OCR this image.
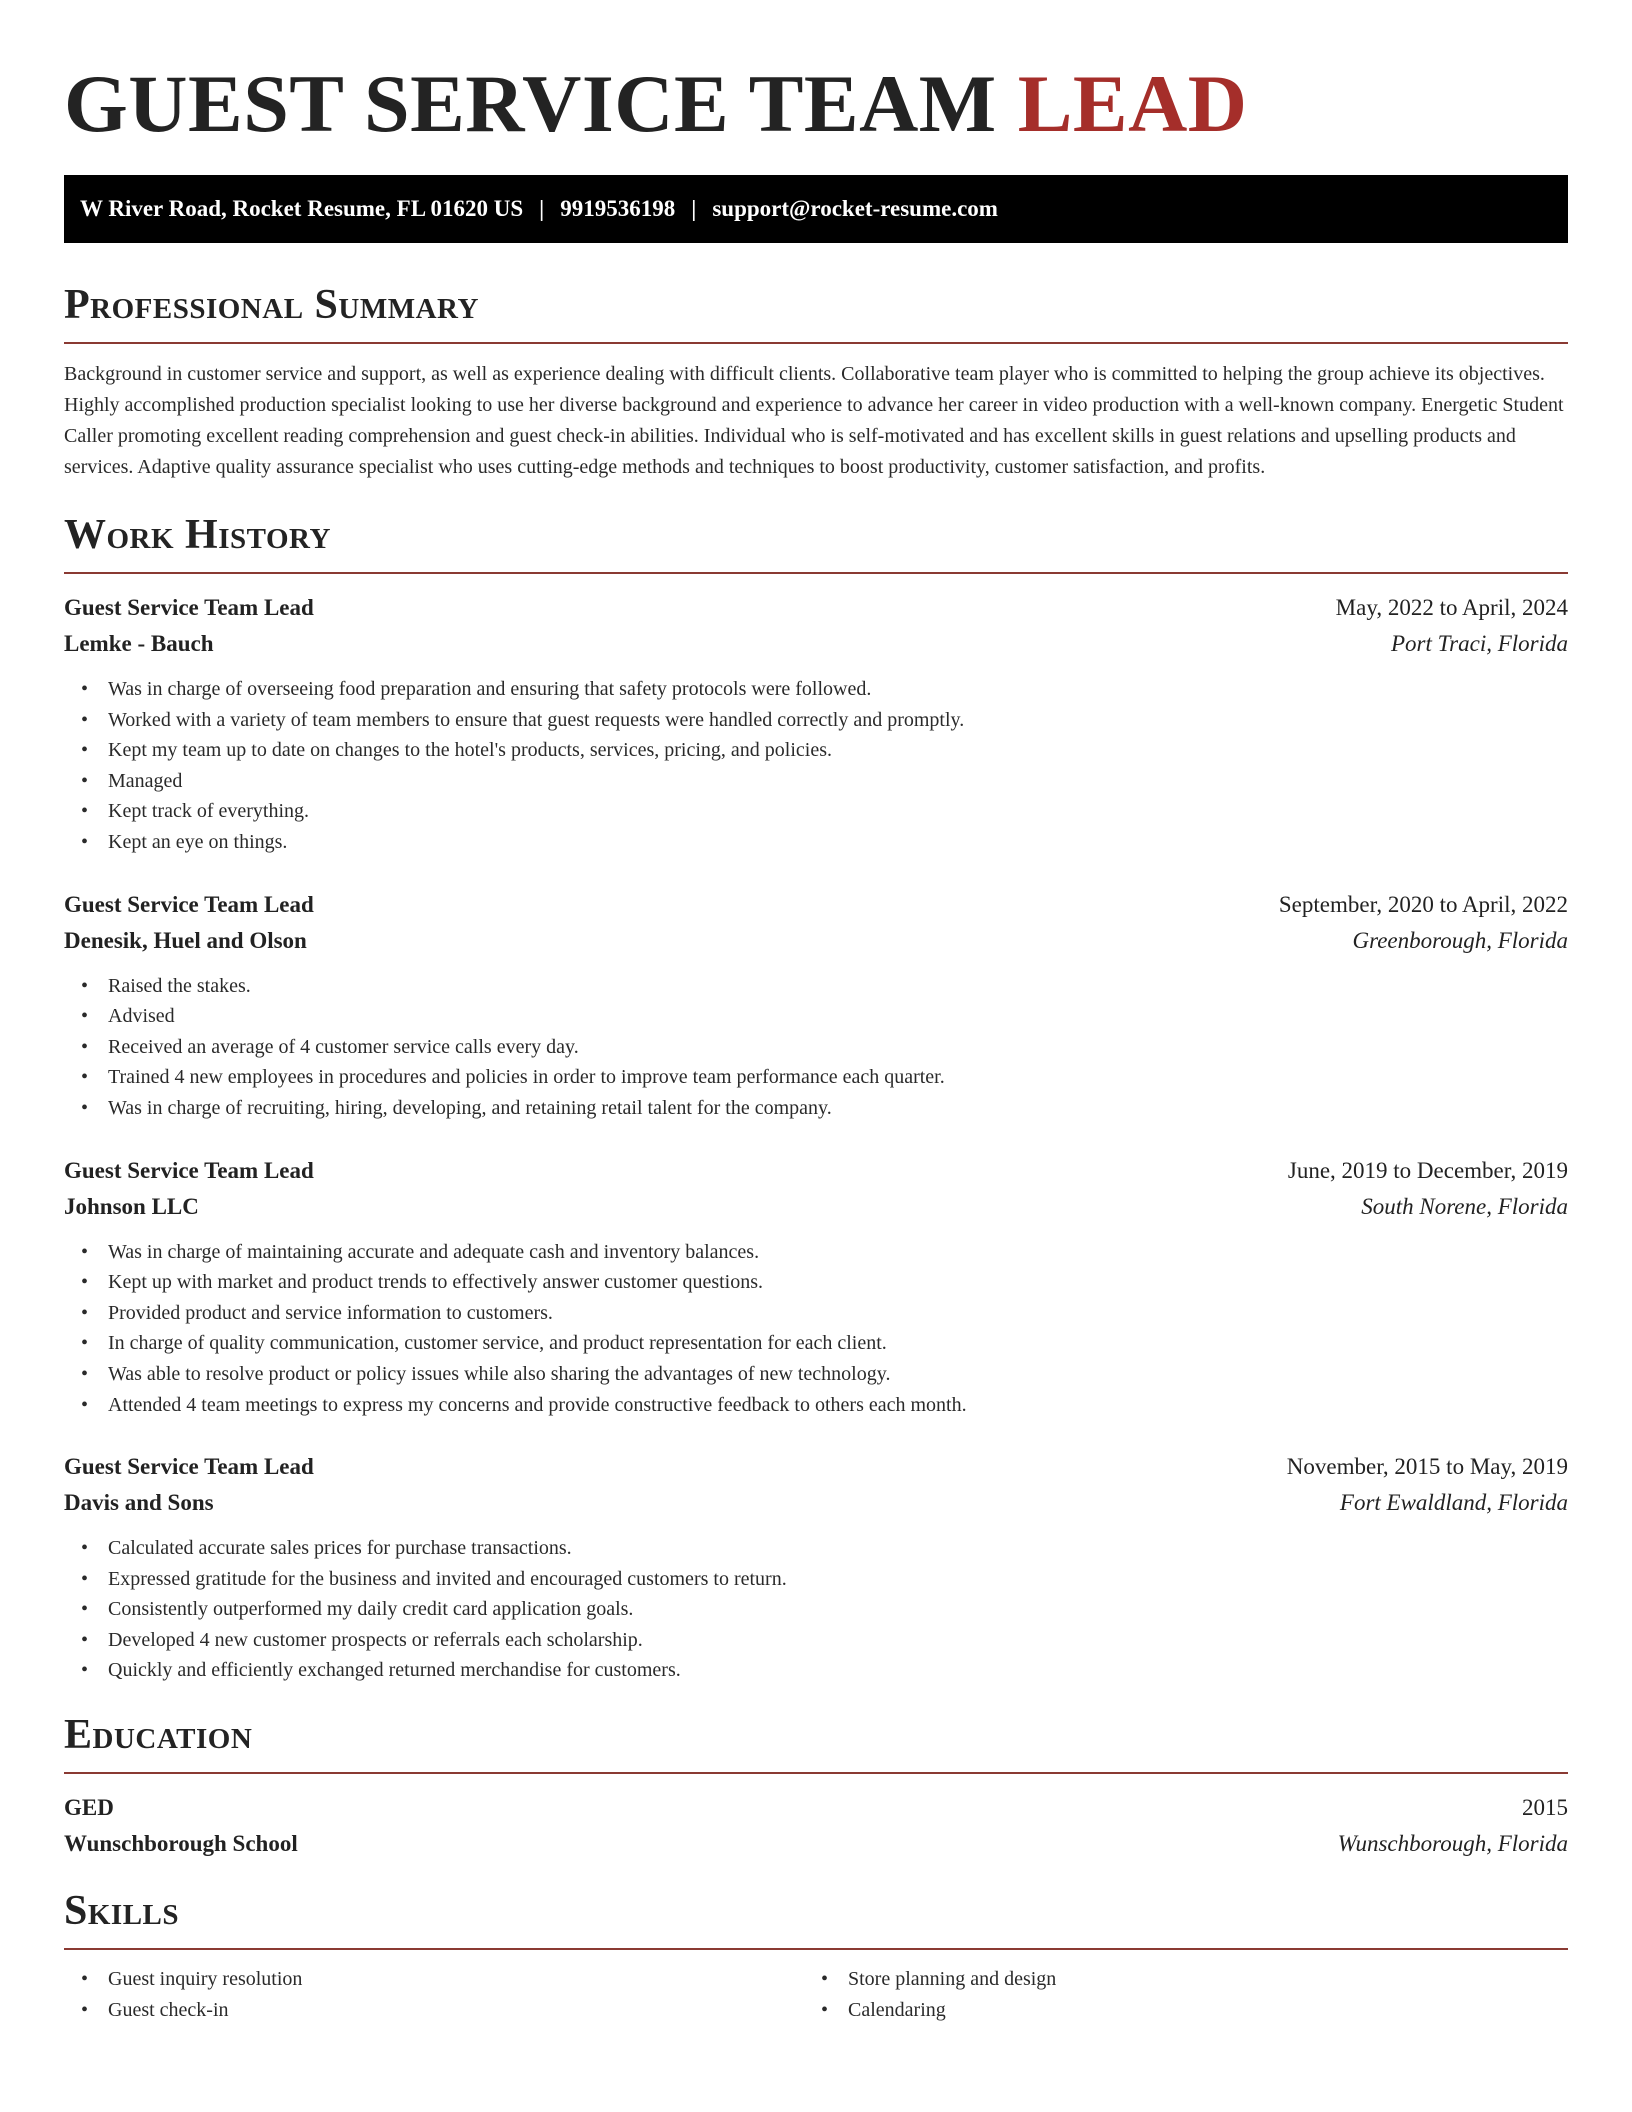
GUEST SERVICE TEAM LEAD
W River Road, Rocket Resume, FL 01620 US | 9919536198 | support@rocket-resume.com
Professional Summary

Background in customer service and support, as well as experience dealing with difficult clients. Collaborative team player who is committed to helping the group achieve its objectives. Highly accomplished production specialist looking to use her diverse background and experience to advance her career in video production with a well-known company. Energetic Student Caller promoting excellent reading comprehension and guest check-in abilities. Individual who is self-motivated and has excellent skills in guest relations and upselling products and services. Adaptive quality assurance specialist who uses cutting-edge methods and techniques to boost productivity, customer satisfaction, and profits.

Work History
Guest Service Team Lead	May, 2022 to April, 2024
Lemke - Bauch	Port Traci, Florida
• Was in charge of overseeing food preparation and ensuring that safety protocols were followed.
• Worked with a variety of team members to ensure that guest requests were handled correctly and promptly.
• Kept my team up to date on changes to the hotel's products, services, pricing, and policies.
• Managed
• Kept track of everything.
• Kept an eye on things.
Guest Service Team Lead	September, 2020 to April, 2022
Denesik, Huel and Olson	Greenborough, Florida
• Raised the stakes.
• Advised
• Received an average of 4 customer service calls every day.
• Trained 4 new employees in procedures and policies in order to improve team performance each quarter.
• Was in charge of recruiting, hiring, developing, and retaining retail talent for the company.
Guest Service Team Lead	June, 2019 to December, 2019
Johnson LLC	South Norene, Florida
• Was in charge of maintaining accurate and adequate cash and inventory balances.
• Kept up with market and product trends to effectively answer customer questions.
• Provided product and service information to customers.
• In charge of quality communication, customer service, and product representation for each client.
• Was able to resolve product or policy issues while also sharing the advantages of new technology.
• Attended 4 team meetings to express my concerns and provide constructive feedback to others each month.
Guest Service Team Lead	November, 2015 to May, 2019
Davis and Sons	Fort Ewaldland, Florida
• Calculated accurate sales prices for purchase transactions.
• Expressed gratitude for the business and invited and encouraged customers to return.
• Consistently outperformed my daily credit card application goals.
• Developed 4 new customer prospects or referrals each scholarship.
• Quickly and efficiently exchanged returned merchandise for customers.
Education
GED	2015
Wunschborough School	Wunschborough, Florida
Skills
• Guest inquiry resolution
• Guest check-in
• Store planning and design
• Calendaring
